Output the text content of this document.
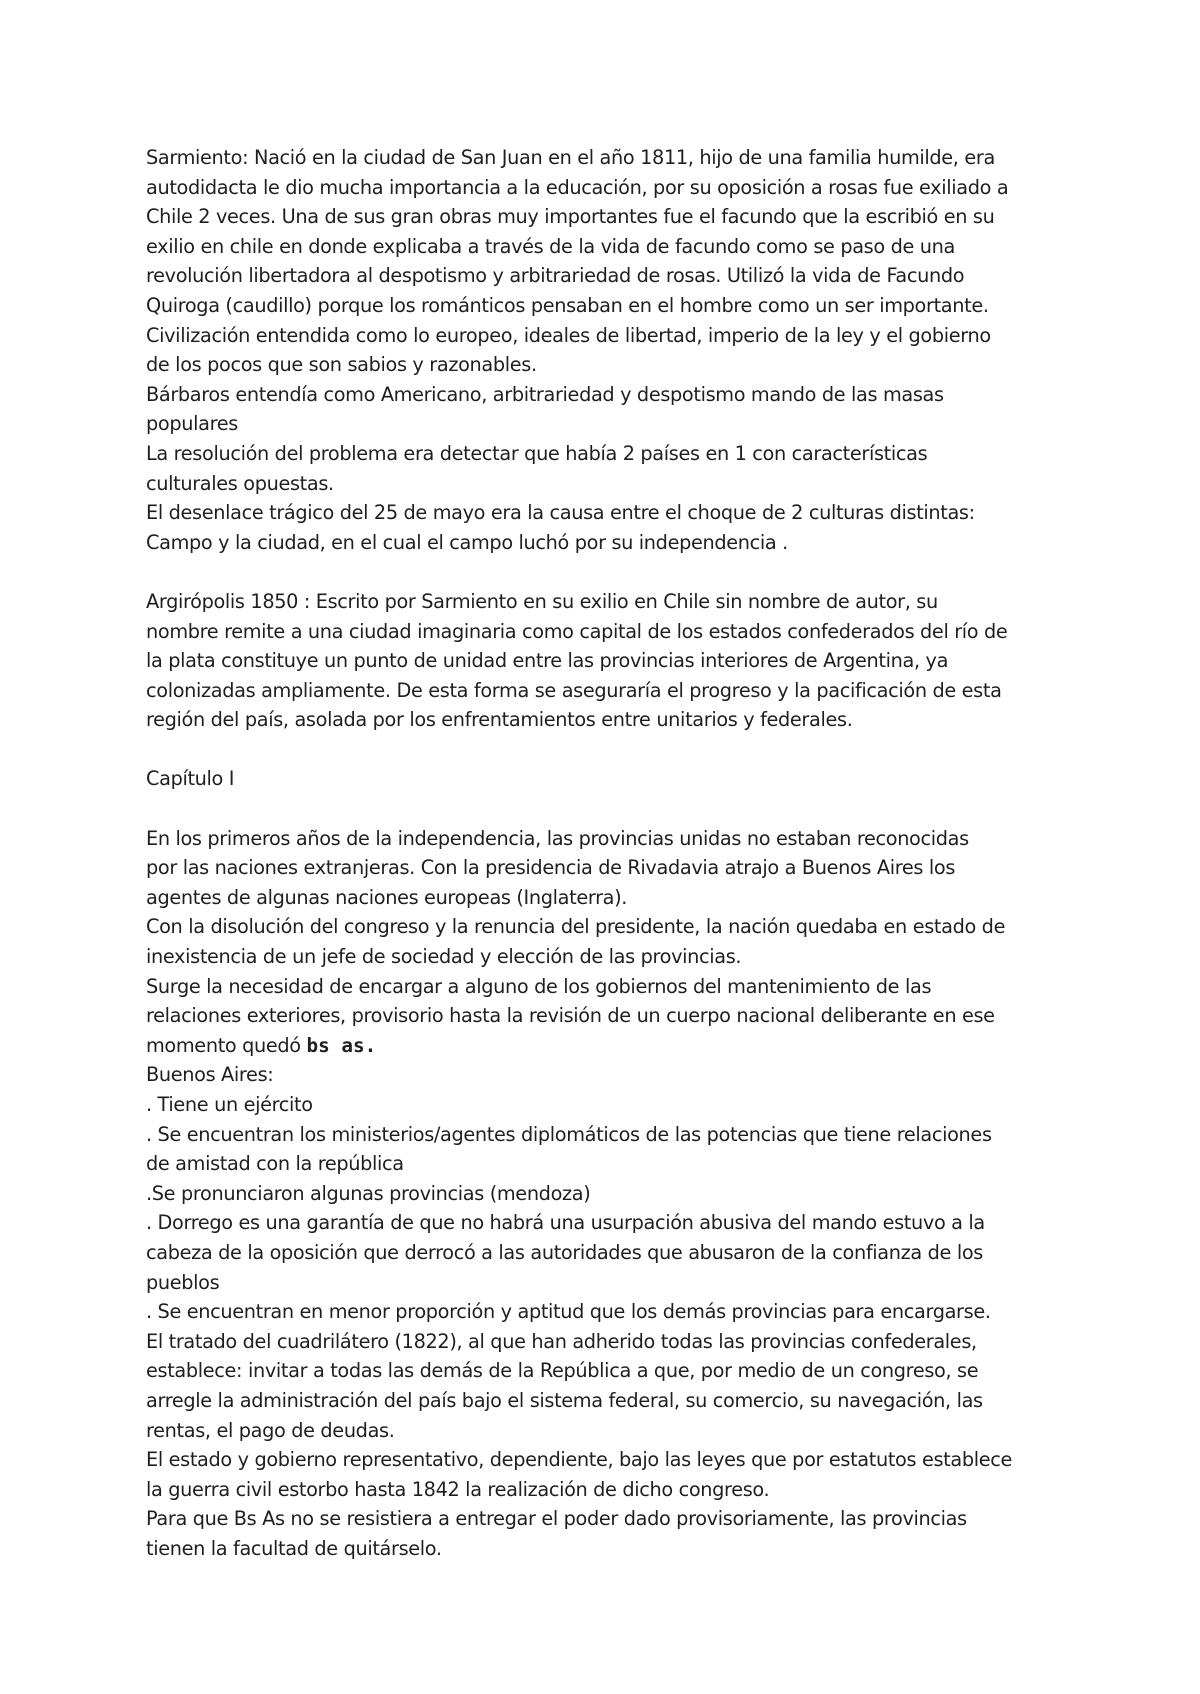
Sarmiento: Nació en la ciudad de San Juan en el año 1811, hijo de una familia humilde, era
autodidacta le dio mucha importancia a la educación, por su oposición a rosas fue exiliado a
Chile 2 veces. Una de sus gran obras muy importantes fue el facundo que la escribió en su
exilio en chile en donde explicaba a través de la vida de facundo como se paso de una
revolución libertadora al despotismo y arbitrariedad de rosas. Utilizó la vida de Facundo
Quiroga (caudillo) porque los románticos pensaban en el hombre como un ser importante.
Civilización entendida como lo europeo, ideales de libertad, imperio de la ley y el gobierno
de los pocos que son sabios y razonables.
Bárbaros entendía como Americano, arbitrariedad y despotismo mando de las masas
populares
La resolución del problema era detectar que había 2 países en 1 con características
culturales opuestas.
El desenlace trágico del 25 de mayo era la causa entre el choque de 2 culturas distintas:
Campo y la ciudad, en el cual el campo luchó por su independencia .
Argirópolis 1850 : Escrito por Sarmiento en su exilio en Chile sin nombre de autor, su
nombre remite a una ciudad imaginaria como capital de los estados confederados del río de
la plata constituye un punto de unidad entre las provincias interiores de Argentina, ya
colonizadas ampliamente. De esta forma se aseguraría el progreso y la pacificación de esta
región del país, asolada por los enfrentamientos entre unitarios y federales.
Capítulo I
En los primeros años de la independencia, las provincias unidas no estaban reconocidas
por las naciones extranjeras. Con la presidencia de Rivadavia atrajo a Buenos Aires los
agentes de algunas naciones europeas (Inglaterra).
Con la disolución del congreso y la renuncia del presidente, la nación quedaba en estado de
inexistencia de un jefe de sociedad y elección de las provincias.
Surge la necesidad de encargar a alguno de los gobiernos del mantenimiento de las
relaciones exteriores, provisorio hasta la revisión de un cuerpo nacional deliberante en ese
momento quedó bs as.
Buenos Aires:
. Tiene un ejército
. Se encuentran los ministerios/agentes diplomáticos de las potencias que tiene relaciones
de amistad con la república
.Se pronunciaron algunas provincias (mendoza)
. Dorrego es una garantía de que no habrá una usurpación abusiva del mando estuvo a la
cabeza de la oposición que derrocó a las autoridades que abusaron de la confianza de los
pueblos
. Se encuentran en menor proporción y aptitud que los demás provincias para encargarse.
El tratado del cuadrilátero (1822), al que han adherido todas las provincias confederales,
establece: invitar a todas las demás de la República a que, por medio de un congreso, se
arregle la administración del país bajo el sistema federal, su comercio, su navegación, las
rentas, el pago de deudas.
El estado y gobierno representativo, dependiente, bajo las leyes que por estatutos establece
la guerra civil estorbo hasta 1842 la realización de dicho congreso.
Para que Bs As no se resistiera a entregar el poder dado provisoriamente, las provincias
tienen la facultad de quitárselo.
